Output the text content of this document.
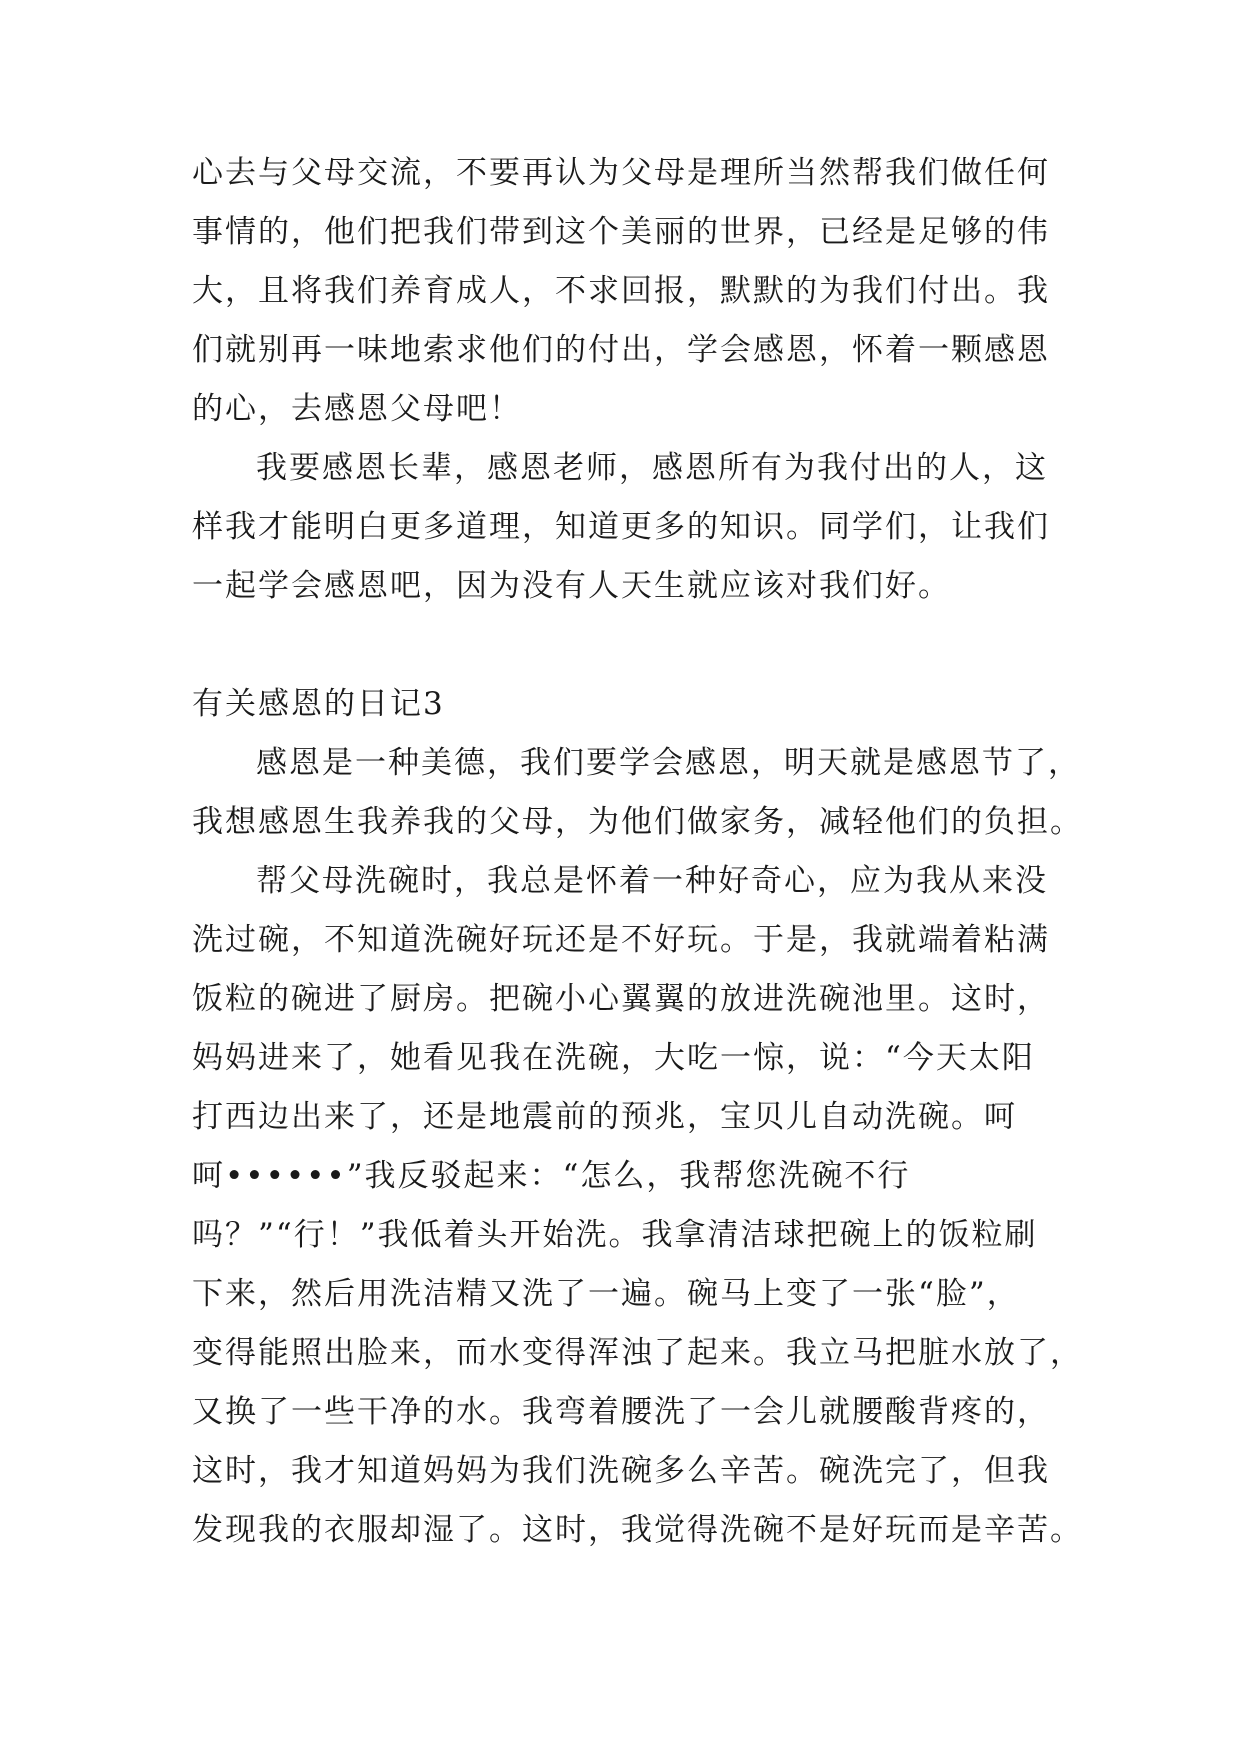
心去与父母交流，不要再认为父母是理所当然帮我们做任何
事情的，他们把我们带到这个美丽的世界，已经是足够的伟
大，且将我们养育成人，不求回报，默默的为我们付出。我
们就别再一味地索求他们的付出，学会感恩，怀着一颗感恩
的心，去感恩父母吧！
我要感恩长辈，感恩老师，感恩所有为我付出的人，这
样我才能明白更多道理，知道更多的知识。同学们，让我们
一起学会感恩吧，因为没有人天生就应该对我们好。
有关感恩的日记3
感恩是一种美德，我们要学会感恩，明天就是感恩节了，
我想感恩生我养我的父母，为他们做家务，减轻他们的负担。
帮父母洗碗时，我总是怀着一种好奇心，应为我从来没
洗过碗，不知道洗碗好玩还是不好玩。于是，我就端着粘满
饭粒的碗进了厨房。把碗小心翼翼的放进洗碗池里。这时，
妈妈进来了，她看见我在洗碗，大吃一惊，说：“今天太阳
打西边出来了，还是地震前的预兆，宝贝儿自动洗碗。呵
呵••••••”我反驳起来：“怎么，我帮您洗碗不行
吗？”“行！”我低着头开始洗。我拿清洁球把碗上的饭粒刷
下来，然后用洗洁精又洗了一遍。碗马上变了一张“脸”，
变得能照出脸来，而水变得浑浊了起来。我立马把脏水放了，
又换了一些干净的水。我弯着腰洗了一会儿就腰酸背疼的，
这时，我才知道妈妈为我们洗碗多么辛苦。碗洗完了，但我
发现我的衣服却湿了。这时，我觉得洗碗不是好玩而是辛苦。
